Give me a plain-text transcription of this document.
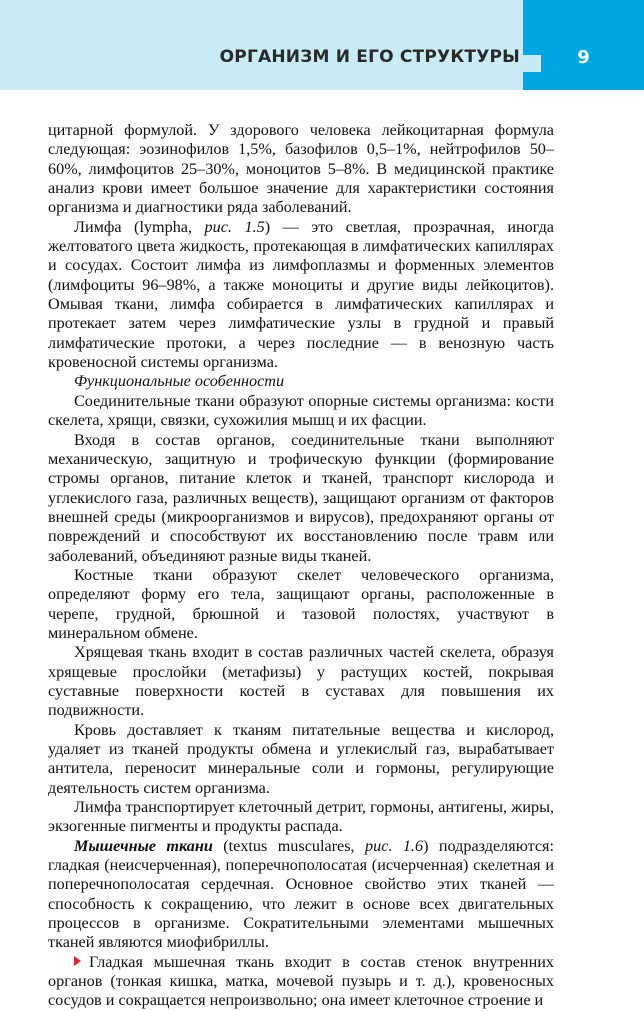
ОРГАНИЗМ И ЕГО СТРУКТУРЫ	9

цитарной формулой. У здорового человека лейкоцитарная формула следующая: эозинофилов 1,5%, базофилов 0,5–1%, нейтрофилов 50–60%, лимфоцитов 25–30%, моноцитов 5–8%. В медицинской практике анализ крови имеет большое значение для характеристики состояния организма и диагностики ряда заболеваний.

Лимфа (lympha, рис. 1.5) — это светлая, прозрачная, иногда желтоватого цвета жидкость, протекающая в лимфатических капиллярах и сосудах. Состоит лимфа из лимфоплазмы и форменных элементов (лимфоциты 96–98%, а также моноциты и другие виды лейкоцитов). Омывая ткани, лимфа собирается в лимфатических капиллярах и протекает затем через лимфатические узлы в грудной и правый лимфатические протоки, а через последние — в венозную часть кровеносной системы организма.

Функциональные особенности

Соединительные ткани образуют опорные системы организма: кости скелета, хрящи, связки, сухожилия мышц и их фасции.

Входя в состав органов, соединительные ткани выполняют механическую, защитную и трофическую функции (формирование стромы органов, питание клеток и тканей, транспорт кислорода и углекислого газа, различных веществ), защищают организм от факторов внешней среды (микроорганизмов и вирусов), предохраняют органы от повреждений и способствуют их восстановлению после травм или заболеваний, объединяют разные виды тканей.

Костные ткани образуют скелет человеческого организма, определяют форму его тела, защищают органы, расположенные в черепе, грудной, брюшной и тазовой полостях, участвуют в минеральном обмене.

Хрящевая ткань входит в состав различных частей скелета, образуя хрящевые прослойки (метафизы) у растущих костей, покрывая суставные поверхности костей в суставах для повышения их подвижности.

Кровь доставляет к тканям питательные вещества и кислород, удаляет из тканей продукты обмена и углекислый газ, вырабатывает антитела, переносит минеральные соли и гормоны, регулирующие деятельность систем организма.

Лимфа транспортирует клеточный детрит, гормоны, антигены, жиры, экзогенные пигменты и продукты распада.

Мышечные ткани (textus musculares, рис. 1.6) подразделяются: гладкая (неисчерченная), поперечнополосатая (исчерченная) скелетная и поперечнополосатая сердечная. Основное свойство этих тканей — способность к сокращению, что лежит в основе всех двигательных процессов в организме. Сократительными элементами мышечных тканей являются миофибриллы.

Гладкая мышечная ткань входит в состав стенок внутренних органов (тонкая кишка, матка, мочевой пузырь и т. д.), кровеносных сосудов и сокращается непроизвольно; она имеет клеточное строение и
